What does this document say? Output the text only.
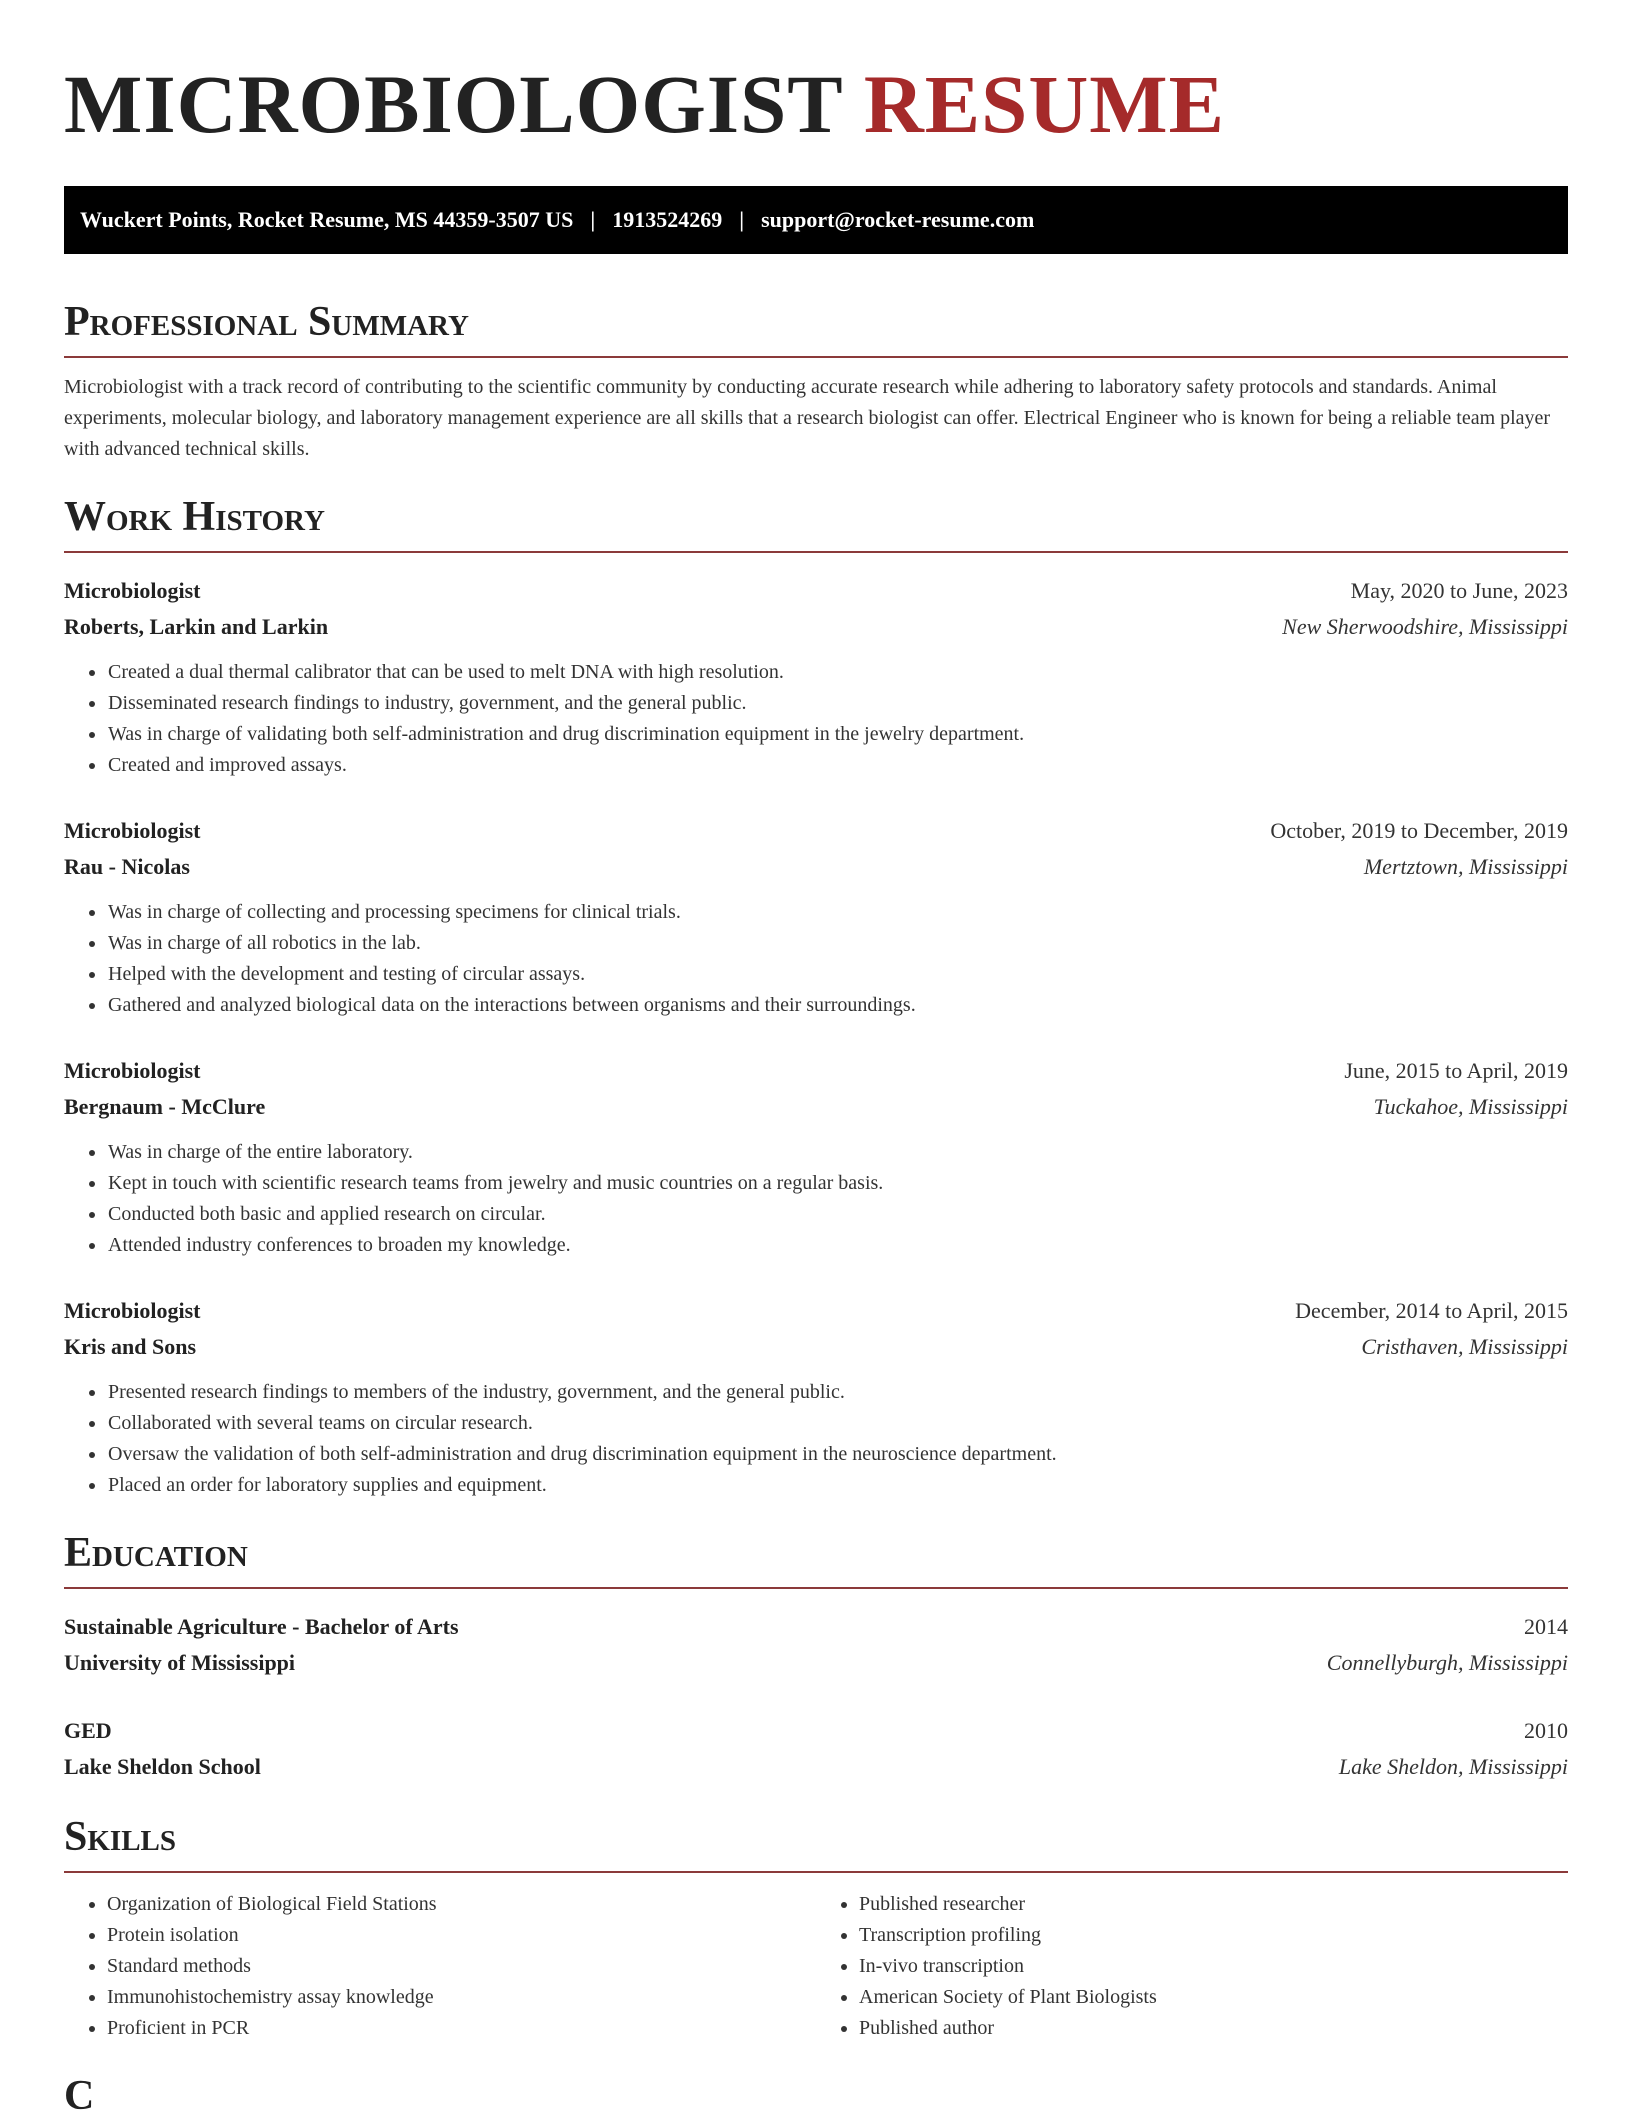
MICROBIOLOGIST RESUME
Wuckert Points, Rocket Resume, MS 44359-3507 US | 1913524269 | support@rocket-resume.com
Professional Summary

Microbiologist with a track record of contributing to the scientific community by conducting accurate research while adhering to laboratory safety protocols and standards. Animal experiments, molecular biology, and laboratory management experience are all skills that a research biologist can offer. Electrical Engineer who is known for being a reliable team player with advanced technical skills.

Work History
Microbiologist	May, 2020 to June, 2023
Roberts, Larkin and Larkin	New Sherwoodshire, Mississippi
• Created a dual thermal calibrator that can be used to melt DNA with high resolution.
• Disseminated research findings to industry, government, and the general public.
• Was in charge of validating both self-administration and drug discrimination equipment in the jewelry department.
• Created and improved assays.
Microbiologist	October, 2019 to December, 2019
Rau - Nicolas	Mertztown, Mississippi
• Was in charge of collecting and processing specimens for clinical trials.
• Was in charge of all robotics in the lab.
• Helped with the development and testing of circular assays.
• Gathered and analyzed biological data on the interactions between organisms and their surroundings.
Microbiologist	June, 2015 to April, 2019
Bergnaum - McClure	Tuckahoe, Mississippi
• Was in charge of the entire laboratory.
• Kept in touch with scientific research teams from jewelry and music countries on a regular basis.
• Conducted both basic and applied research on circular.
• Attended industry conferences to broaden my knowledge.
Microbiologist	December, 2014 to April, 2015
Kris and Sons	Cristhaven, Mississippi
• Presented research findings to members of the industry, government, and the general public.
• Collaborated with several teams on circular research.
• Oversaw the validation of both self-administration and drug discrimination equipment in the neuroscience department.
• Placed an order for laboratory supplies and equipment.
Education
Sustainable Agriculture - Bachelor of Arts	2014
University of Mississippi	Connellyburgh, Mississippi
GED	2010
Lake Sheldon School	Lake Sheldon, Mississippi
Skills
• Organization of Biological Field Stations
• Protein isolation
• Standard methods
• Immunohistochemistry assay knowledge
• Proficient in PCR
• Published researcher
• Transcription profiling
• In-vivo transcription
• American Society of Plant Biologists
• Published author
C
